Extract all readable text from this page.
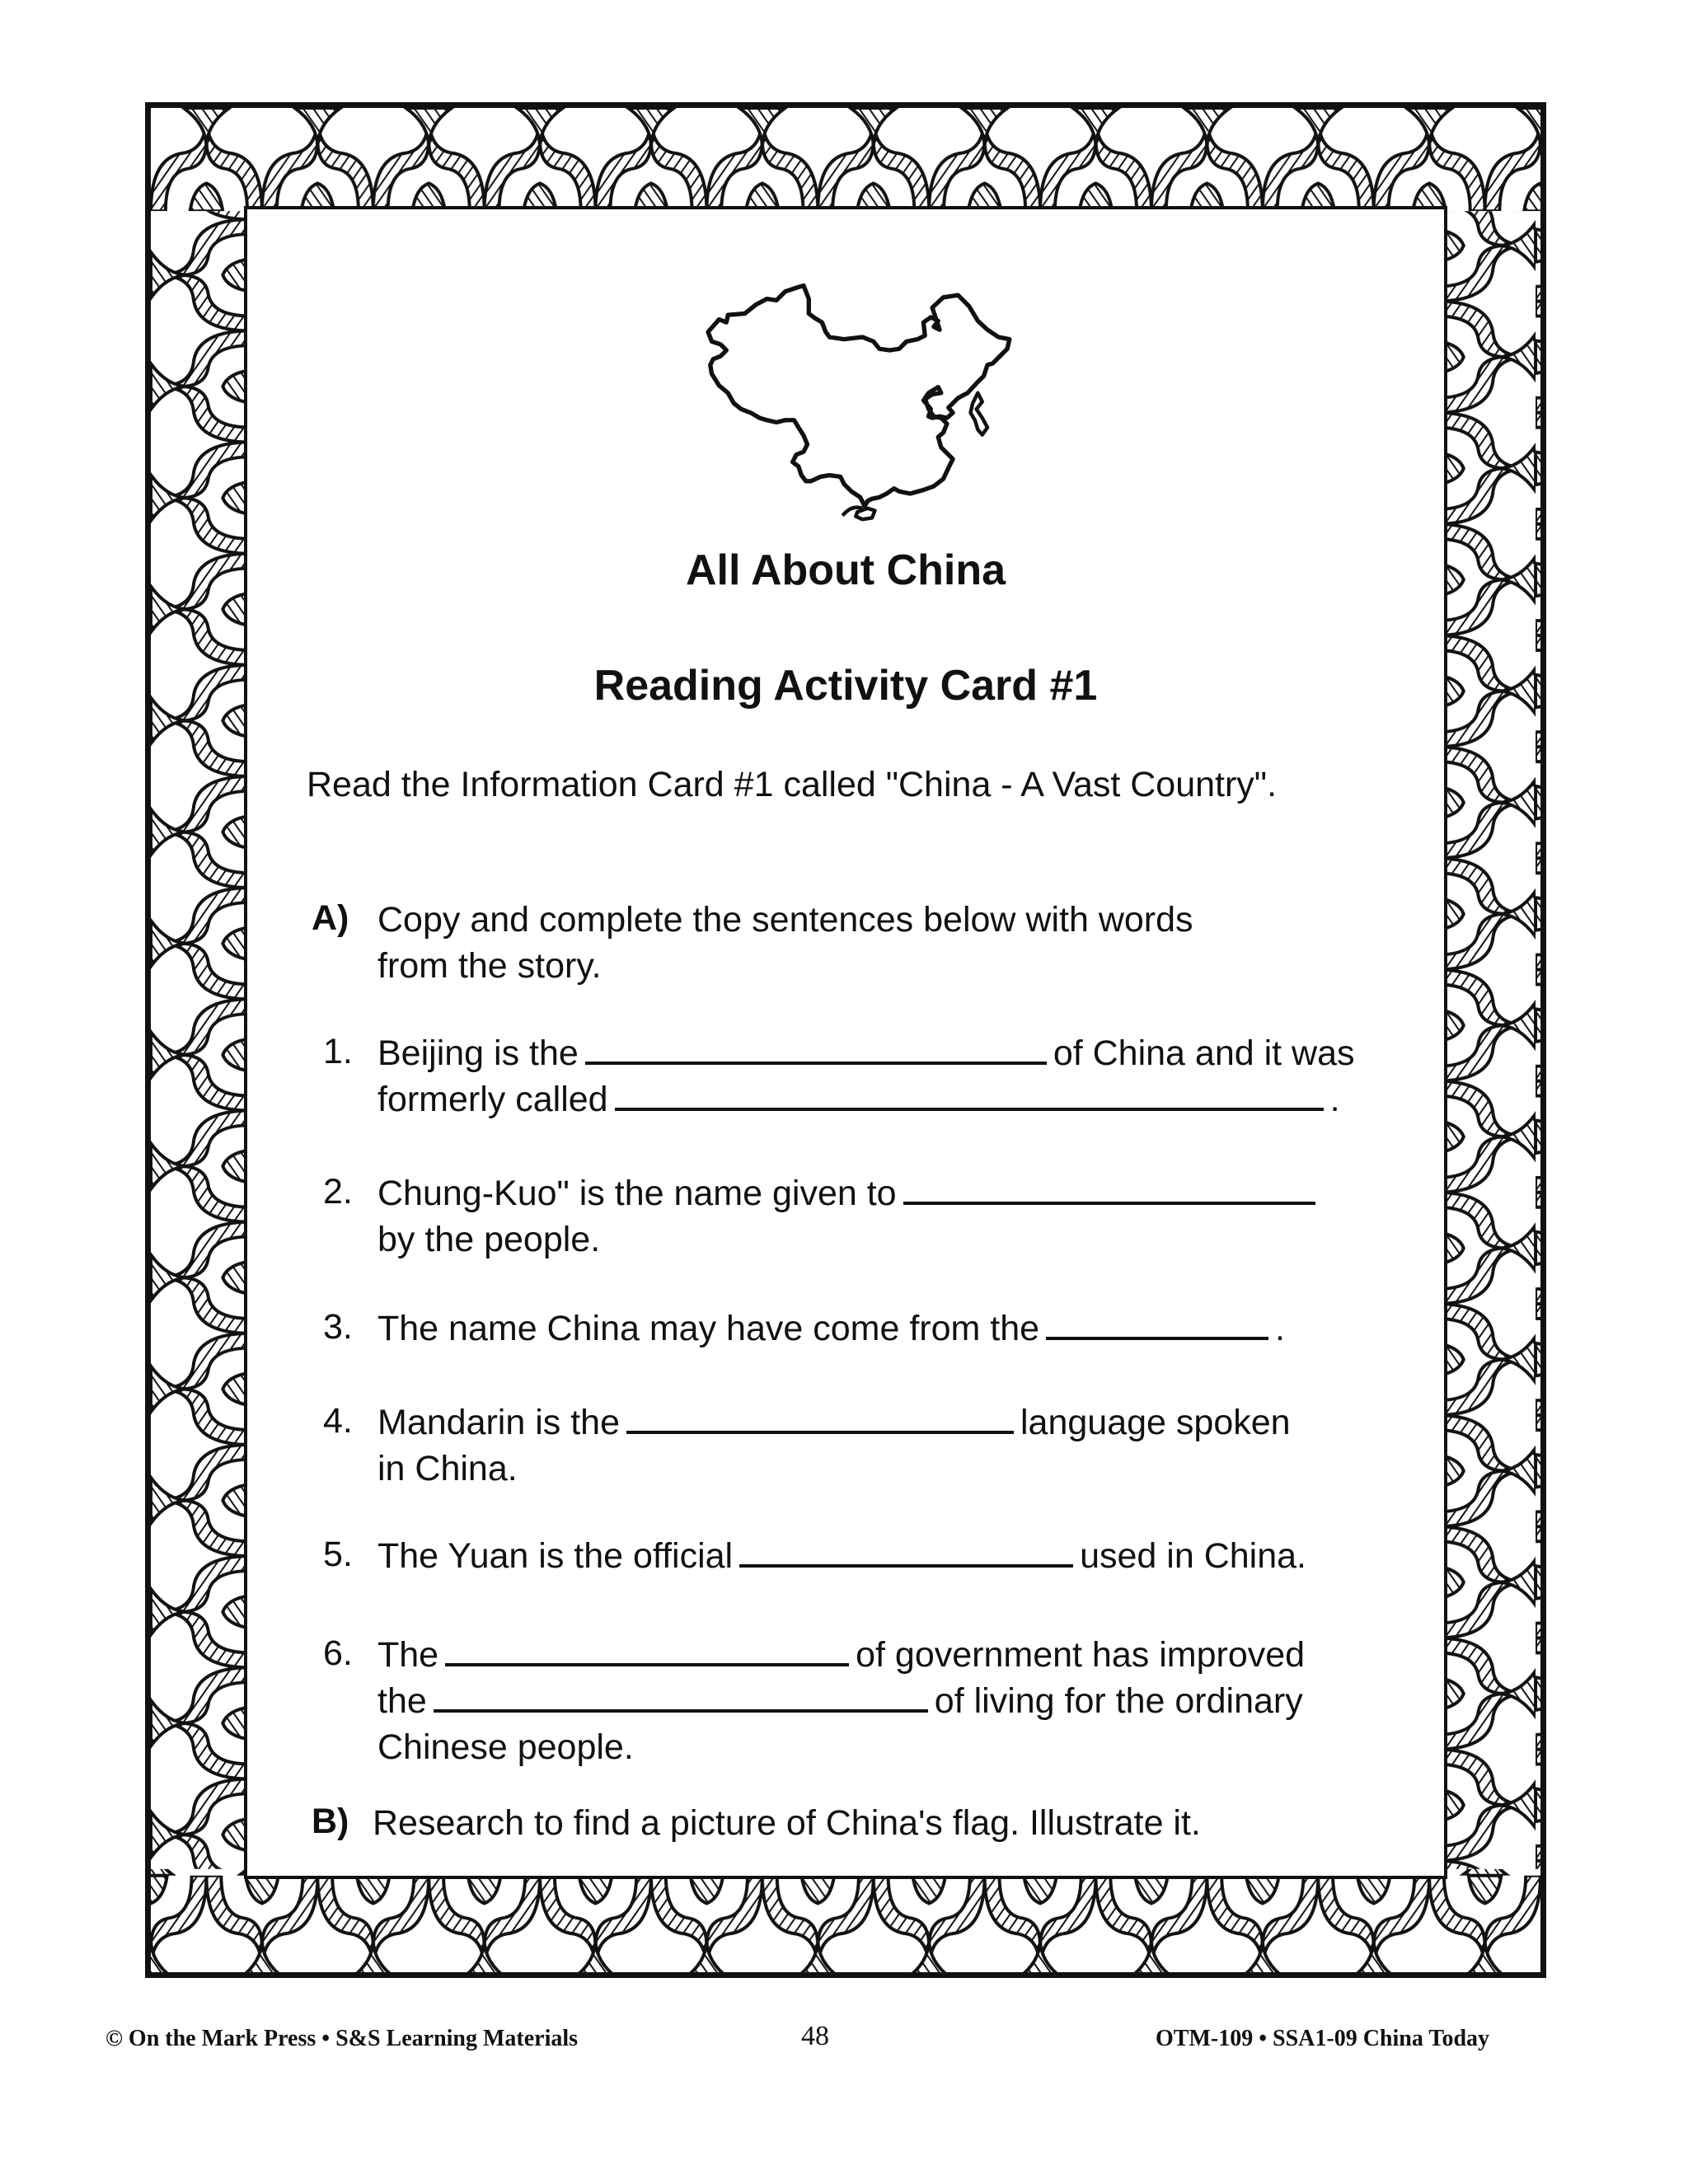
All About China
Reading Activity Card #1
Read the Information Card #1 called "China - A Vast Country".
A) Copy and complete the sentences below with words
from the story.
1. Beijing is the	of China and it was
formerly called	.
2. Chung-Kuo" is the name given to
by the people.
3. The name China may have come from the	.
4. Mandarin is the	language spoken
in China.
5. The Yuan is the official	used in China.
6. The	of government has improved
the	of living for the ordinary
Chinese people.
B) Research to find a picture of China's flag. Illustrate it.
© On the Mark Press • S&S Learning Materials	48	OTM-109 • SSA1-09 China Today
